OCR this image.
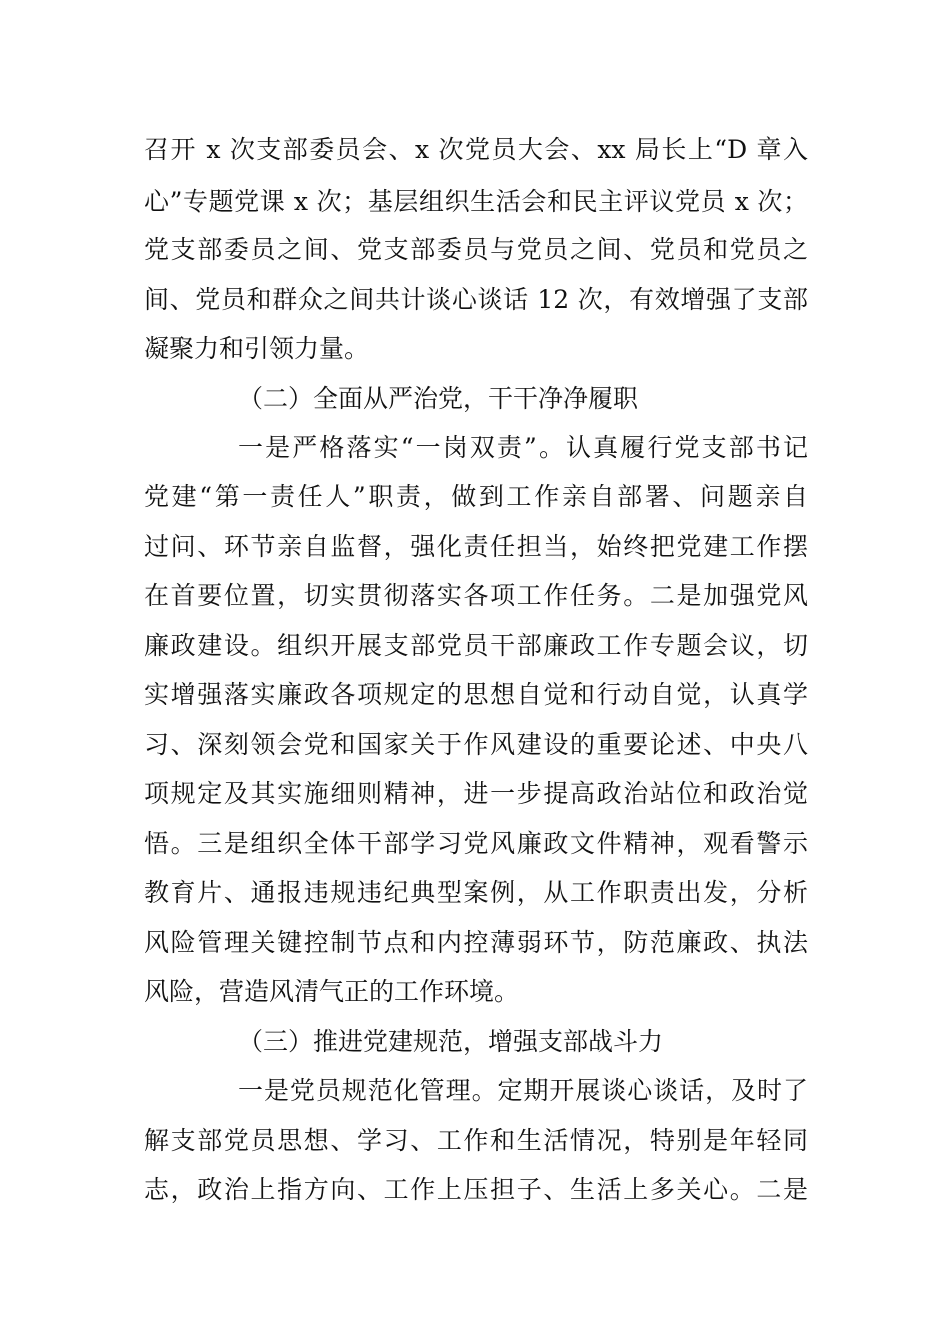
召开 x 次支部委员会、x 次党员大会、xx 局长上“D 章入
心”专题党课 x 次；基层组织生活会和民主评议党员 x 次；
党支部委员之间、党支部委员与党员之间、党员和党员之
间、党员和群众之间共计谈心谈话 12 次，有效增强了支部
凝聚力和引领力量。
（二）全面从严治党，干干净净履职
一是严格落实“一岗双责”。认真履行党支部书记
党建“第一责任人”职责，做到工作亲自部署、问题亲自
过问、环节亲自监督，强化责任担当，始终把党建工作摆
在首要位置，切实贯彻落实各项工作任务。二是加强党风
廉政建设。组织开展支部党员干部廉政工作专题会议，切
实增强落实廉政各项规定的思想自觉和行动自觉，认真学
习、深刻领会党和国家关于作风建设的重要论述、中央八
项规定及其实施细则精神，进一步提高政治站位和政治觉
悟。三是组织全体干部学习党风廉政文件精神，观看警示
教育片、通报违规违纪典型案例，从工作职责出发，分析
风险管理关键控制节点和内控薄弱环节，防范廉政、执法
风险，营造风清气正的工作环境。
（三）推进党建规范，增强支部战斗力
一是党员规范化管理。定期开展谈心谈话，及时了
解支部党员思想、学习、工作和生活情况，特别是年轻同
志，政治上指方向、工作上压担子、生活上多关心。二是
